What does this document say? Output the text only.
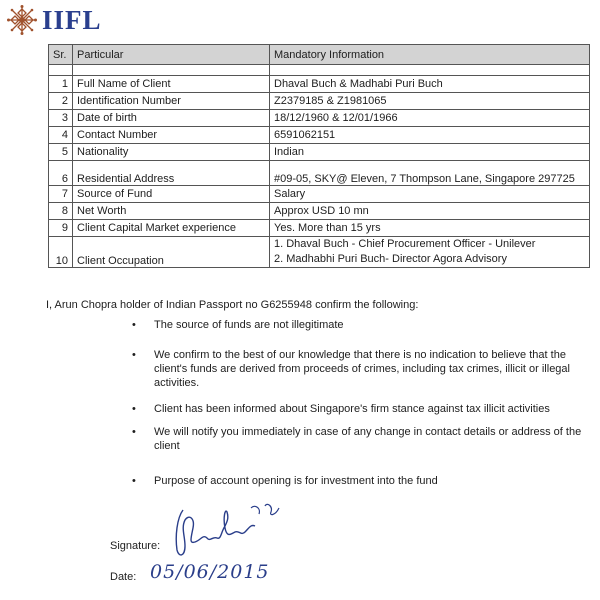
IIFL
Sr.	Particular	Mandatory Information

1	Full Name of Client	Dhaval Buch & Madhabi Puri Buch
2	Identification Number	Z2379185 & Z1981065
3	Date of birth	18/12/1960 & 12/01/1966
4	Contact Number	6591062151
5	Nationality	Indian
6	Residential Address	#09-05, SKY@ Eleven, 7 Thompson Lane, Singapore 297725
7	Source of Fund	Salary
8	Net Worth	Approx USD 10 mn
9	Client Capital Market experience	Yes. More than 15 yrs
10	Client Occupation	1. Dhaval Buch - Chief Procurement Officer - Unilever
2. Madhabhi Puri Buch- Director Agora Advisory
I, Arun Chopra holder of Indian Passport no G6255948 confirm the following:
• The source of funds are not illegitimate
• We confirm to the best of our knowledge that there is no indication to believe that the client's funds are derived from proceeds of crimes, including tax crimes, illicit or illegal activities.
• Client has been informed about Singapore's firm stance against tax illicit activities
• We will notify you immediately in case of any change in contact details or address of the client
• Purpose of account opening is for investment into the fund
Signature:
Date: 05/06/2015
